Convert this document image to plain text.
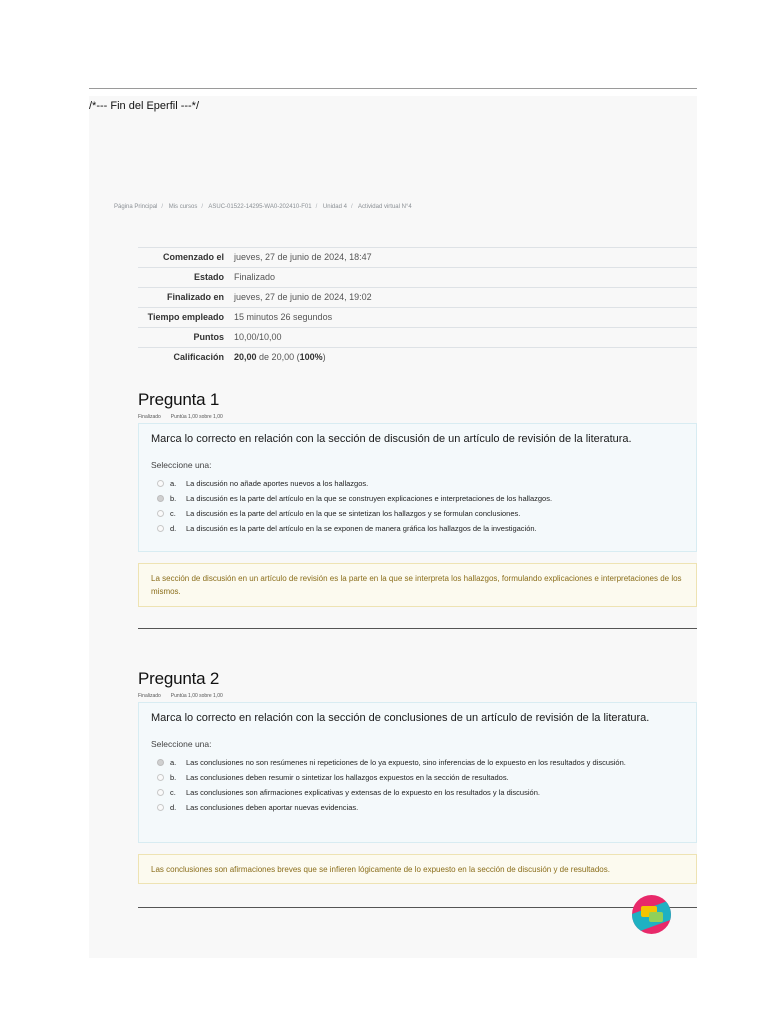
/*--- Fin del Eperfil ---*/
Página Principal / Mis cursos / ASUC-01522-14295-WA0-202410-F01 / Unidad 4 / Actividad virtual N°4
Comenzado el	jueves, 27 de junio de 2024, 18:47
Estado	Finalizado
Finalizado en	jueves, 27 de junio de 2024, 19:02
Tiempo empleado	15 minutos 26 segundos
Puntos	10,00/10,00
Calificación	20,00 de 20,00 (100%)
Pregunta 1
Finalizado Puntúa 1,00 sobre 1,00
Marca lo correcto en relación con la sección de discusión de un artículo de revisión de la literatura.
Seleccione una:
a.	La discusión no añade aportes nuevos a los hallazgos.
b.	La discusión es la parte del artículo en la que se construyen explicaciones e interpretaciones de los hallazgos.
c.	La discusión es la parte del artículo en la que se sintetizan los hallazgos y se formulan conclusiones.
d.	La discusión es la parte del artículo en la se exponen de manera gráfica los hallazgos de la investigación.
La sección de discusión en un artículo de revisión es la parte en la que se interpreta los hallazgos, formulando explicaciones e interpretaciones de los mismos.
Pregunta 2
Finalizado Puntúa 1,00 sobre 1,00
Marca lo correcto en relación con la sección de conclusiones de un artículo de revisión de la literatura.
Seleccione una:
a.	Las conclusiones no son resúmenes ni repeticiones de lo ya expuesto, sino inferencias de lo expuesto en los resultados y discusión.
b.	Las conclusiones deben resumir o sintetizar los hallazgos expuestos en la sección de resultados.
c.	Las conclusiones son afirmaciones explicativas y extensas de lo expuesto en los resultados y la discusión.
d.	Las conclusiones deben aportar nuevas evidencias.
Las conclusiones son afirmaciones breves que se infieren lógicamente de lo expuesto en la sección de discusión y de resultados.
